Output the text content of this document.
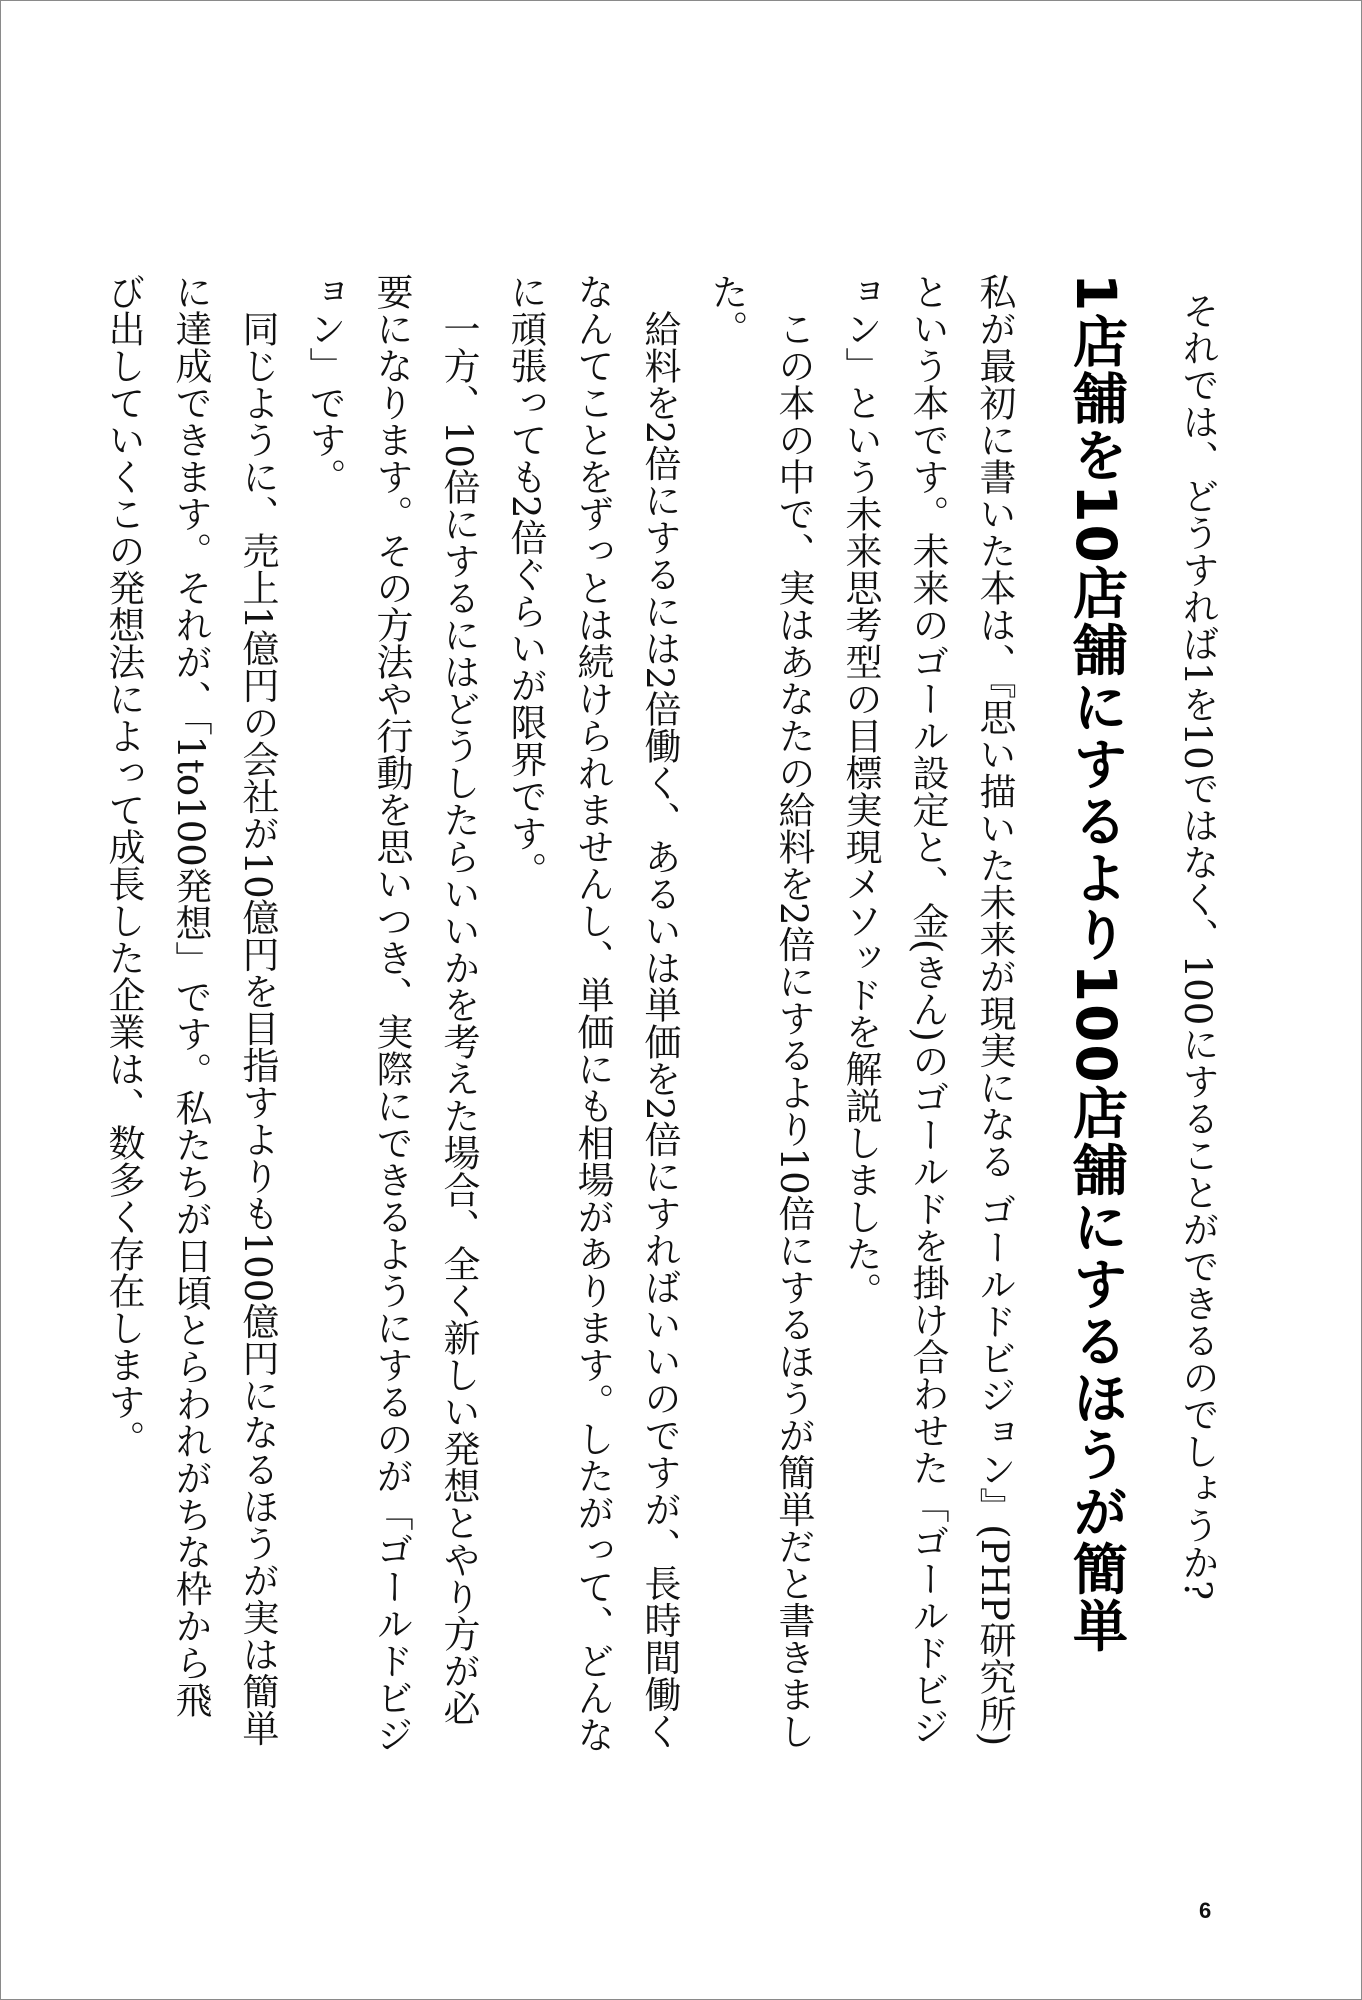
それでは、どうすれば1を10ではなく、100にすることができるのでしょうか?

1店舗を10店舗にするより100店舗にするほうが簡単

私が最初に書いた本は、『思い描いた未来が現実になる ゴールドビジョン』(PHP研究所)という本です。未来のゴール設定と、金(きん)のゴールドを掛け合わせた「ゴールドビジョン」という未来思考型の目標実現メソッドを解説しました。

この本の中で、実はあなたの給料を2倍にするより10倍にするほうが簡単だと書きました。

給料を2倍にするには2倍働く、あるいは単価を2倍にすればいいのですが、長時間働くなんてことをずっとは続けられませんし、単価にも相場があります。したがって、どんなに頑張っても2倍ぐらいが限界です。

一方、10倍にするにはどうしたらいいかを考えた場合、全く新しい発想とやり方が必要になります。その方法や行動を思いつき、実際にできるようにするのが「ゴールドビジョン」です。

同じように、売上1億円の会社が10億円を目指すよりも100億円になるほうが実は簡単に達成できます。それが、「1to100発想」です。私たちが日頃とらわれがちな枠から飛び出していくこの発想法によって成長した企業は、数多く存在します。

6
